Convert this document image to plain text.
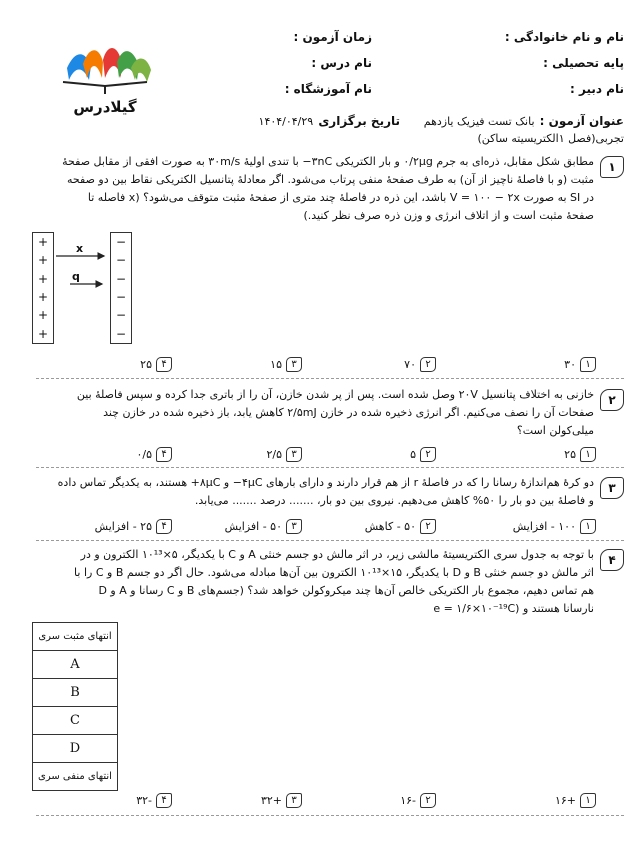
نام و نام خانوادگی :
زمان آزمون :
پایه تحصیلی :
نام درس :
نام دبیر :
نام آموزشگاه :
عنوان آزمون : بانک تست فیزیک یازدهم
تاریخ برگزاری ۱۴۰۴/۰۴/۲۹
تجربی(فصل ۱الکتریسیته ساکن)
گیلادرس
۱
مطابق شکل مقابل، ذره‌ای به جرم ۰/۲μg و بار الکتریکی ۳nC− با تندی اولیهٔ ۳۰m/s به صورت افقی از مقابل صفحهٔ
مثبت (و با فاصلهٔ ناچیز از آن) به طرف صفحهٔ منفی پرتاب می‌شود. اگر معادلهٔ پتانسیل الکتریکی نقاط بین دو صفحه
در SI به صورت V = ۱۰۰ − ۲x باشد، این ذره در فاصلهٔ چند متری از صفحهٔ مثبت متوقف می‌شود؟ (x فاصله تا
صفحهٔ مثبت است و از اتلاف انرژی و وزن ذره صرف نظر کنید.)
+
+
+
+
+
+
−
−
−
−
−
−
x
q
۱
۳۰
۲
۷۰
۳
۱۵
۴
۲۵
۲
خازنی به اختلاف پتانسیل ۲۰V وصل شده است. پس از پر شدن خازن، آن را از باتری جدا کرده و سپس فاصلهٔ بین
صفحات آن را نصف می‌کنیم. اگر انرژی ذخیره شده در خازن ۲/۵mJ کاهش یابد، باز ذخیره شده در خازن چند
میلی‌کولن است؟
۱
۲۵
۲
۵
۳
۲/۵
۴
۰/۵
۳
دو کرهٔ هم‌اندازهٔ رسانا را که در فاصلهٔ r از هم قرار دارند و دارای بارهای ۴μC− و ۸μC+ هستند، به یکدیگر تماس داده
و فاصلهٔ بین دو بار را ۵۰% کاهش می‌دهیم. نیروی بین دو بار، ....... درصد ....... می‌یابد.
۱
۱۰۰ - افزایش
۲
۵۰ - کاهش
۳
۵۰ - افزایش
۴
۲۵ - افزایش
۴
با توجه به جدول سری الکتریسیتهٔ مالشی زیر، در اثر مالش دو جسم خنثی A و C با یکدیگر، ۵×۱۰¹³ الکترون و در
اثر مالش دو جسم خنثی B و D با یکدیگر، ۱۵×۱۰¹³ الکترون بین آن‌ها مبادله می‌شود. حال اگر دو جسم B و C را با
هم تماس دهیم، مجموع بار الکتریکی خالص آن‌ها چند میکروکولن خواهد شد؟ (جسم‌های B و C رسانا و A و D
نارسانا هستند و (e = ۱/۶×۱۰⁻¹⁹C
انتهای مثبت سری
A
B
C
D
انتهای منفی سری
۱
+۱۶
۲
-۱۶
۳
+۳۲
۴
-۳۲
